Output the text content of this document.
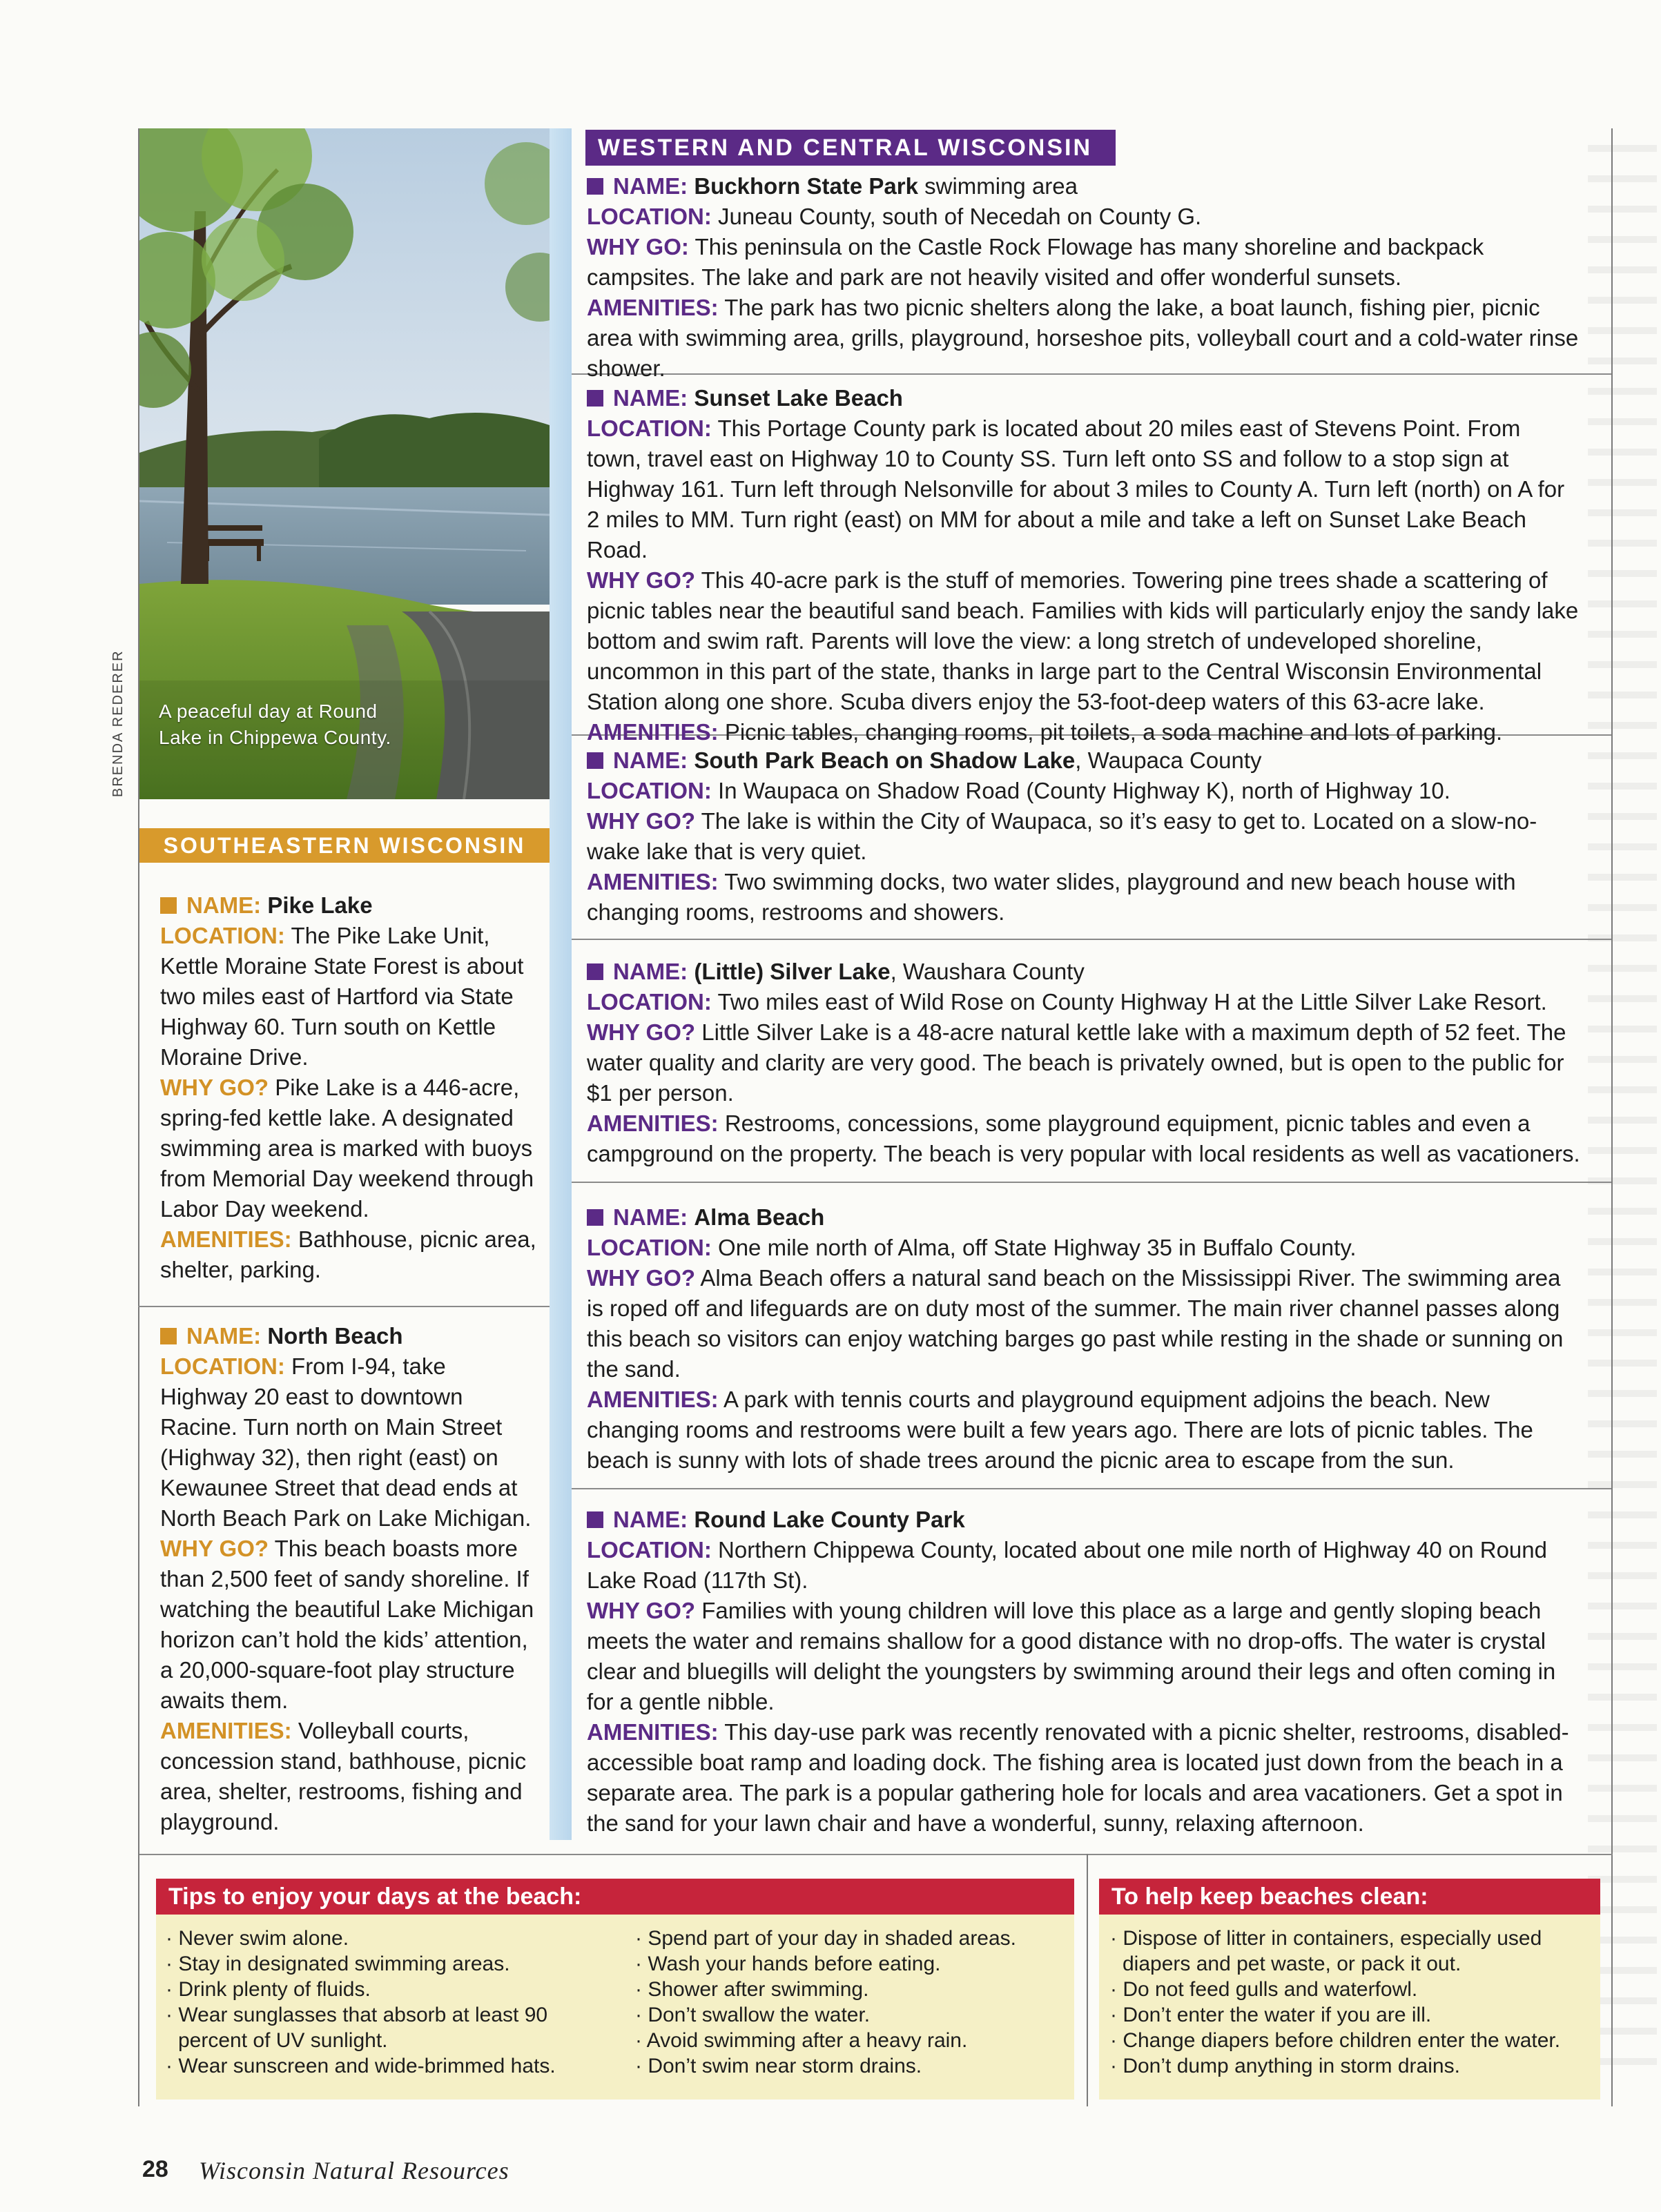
A peaceful day at Round Lake in Chippewa County.
BRENDA REDERER
WESTERN AND CENTRAL WISCONSIN
SOUTHEASTERN WISCONSIN

NAME: Buckhorn State Park swimming area

LOCATION: Juneau County, south of Necedah on County G.

WHY GO: This peninsula on the Castle Rock Flowage has many shoreline and backpack campsites. The lake and park are not heavily visited and offer wonderful sunsets.

AMENITIES: The park has two picnic shelters along the lake, a boat launch, fishing pier, picnic area with swimming area, grills, playground, horseshoe pits, volleyball court and a cold-water rinse shower.

NAME: Sunset Lake Beach

LOCATION: This Portage County park is located about 20 miles east of Stevens Point. From town, travel east on Highway 10 to County SS. Turn left onto SS and follow to a stop sign at Highway 161. Turn left through Nelsonville for about 3 miles to County A. Turn left (north) on A for 2 miles to MM. Turn right (east) on MM for about a mile and take a left on Sunset Lake Beach Road.

WHY GO? This 40-acre park is the stuff of memories. Towering pine trees shade a scattering of picnic tables near the beautiful sand beach. Families with kids will particularly enjoy the sandy lake bottom and swim raft. Parents will love the view: a long stretch of undeveloped shoreline, uncommon in this part of the state, thanks in large part to the Central Wisconsin Environmental Station along one shore. Scuba divers enjoy the 53-foot-deep waters of this 63-acre lake.

AMENITIES: Picnic tables, changing rooms, pit toilets, a soda machine and lots of parking.

NAME: South Park Beach on Shadow Lake, Waupaca County

LOCATION: In Waupaca on Shadow Road (County Highway K), north of Highway 10.

WHY GO? The lake is within the City of Waupaca, so it’s easy to get to. Located on a slow-no-wake lake that is very quiet.

AMENITIES: Two swimming docks, two water slides, playground and new beach house with changing rooms, restrooms and showers.

NAME: (Little) Silver Lake, Waushara County

LOCATION: Two miles east of Wild Rose on County Highway H at the Little Silver Lake Resort.

WHY GO? Little Silver Lake is a 48-acre natural kettle lake with a maximum depth of 52 feet. The water quality and clarity are very good. The beach is privately owned, but is open to the public for $1 per person.

AMENITIES: Restrooms, concessions, some playground equipment, picnic tables and even a campground on the property. The beach is very popular with local residents as well as vacationers.

NAME: Alma Beach

LOCATION: One mile north of Alma, off State Highway 35 in Buffalo County.

WHY GO? Alma Beach offers a natural sand beach on the Mississippi River. The swimming area is roped off and lifeguards are on duty most of the summer. The main river channel passes along this beach so visitors can enjoy watching barges go past while resting in the shade or sunning on the sand.

AMENITIES: A park with tennis courts and playground equipment adjoins the beach. New changing rooms and restrooms were built a few years ago. There are lots of picnic tables. The beach is sunny with lots of shade trees around the picnic area to escape from the sun.

NAME: Round Lake County Park

LOCATION: Northern Chippewa County, located about one mile north of Highway 40 on Round Lake Road (117th St).

WHY GO? Families with young children will love this place as a large and gently sloping beach meets the water and remains shallow for a good distance with no drop-offs. The water is crystal clear and bluegills will delight the youngsters by swimming around their legs and often coming in for a gentle nibble.

AMENITIES: This day-use park was recently renovated with a picnic shelter, restrooms, disabled-accessible boat ramp and loading dock. The fishing area is located just down from the beach in a separate area. The park is a popular gathering hole for locals and area vacationers. Get a spot in the sand for your lawn chair and have a wonderful, sunny, relaxing afternoon.

NAME: Pike Lake

LOCATION: The Pike Lake Unit, Kettle Moraine State Forest is about two miles east of Hartford via State Highway 60. Turn south on Kettle Moraine Drive.

WHY GO? Pike Lake is a 446-acre, spring-fed kettle lake. A designated swimming area is marked with buoys from Memorial Day weekend through Labor Day weekend.

AMENITIES: Bathhouse, picnic area, shelter, parking.

NAME: North Beach

LOCATION: From I-94, take Highway 20 east to downtown Racine. Turn north on Main Street (Highway 32), then right (east) on Kewaunee Street that dead ends at North Beach Park on Lake Michigan.

WHY GO? This beach boasts more than 2,500 feet of sandy shoreline. If watching the beautiful Lake Michigan horizon can’t hold the kids’ attention, a 20,000-square-foot play structure awaits them.

AMENITIES: Volleyball courts, concession stand, bathhouse, picnic area, shelter, restrooms, fishing and playground.

Tips to enjoy your days at the beach:
· Never swim alone.
· Stay in designated swimming areas.
· Drink plenty of fluids.
· Wear sunglasses that absorb at least 90 percent of UV sunlight.
· Wear sunscreen and wide-brimmed hats.
· Spend part of your day in shaded areas.
· Wash your hands before eating.
· Shower after swimming.
· Don’t swallow the water.
· Avoid swimming after a heavy rain.
· Don’t swim near storm drains.
To help keep beaches clean:
· Dispose of litter in containers, especially used diapers and pet waste, or pack it out.
· Do not feed gulls and waterfowl.
· Don’t enter the water if you are ill.
· Change diapers before children enter the water.
· Don’t dump anything in storm drains.
28 Wisconsin Natural Resources
